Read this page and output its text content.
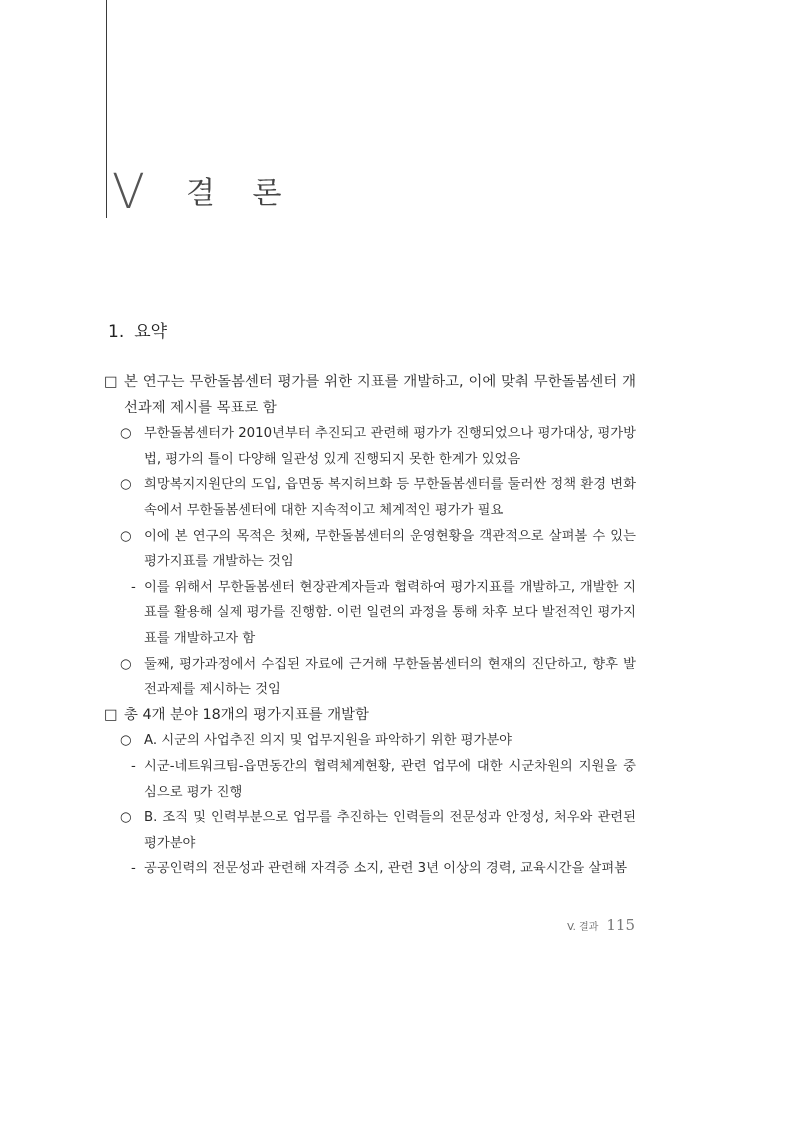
V 결 론
1. 요약
□ 본 연구는 무한돌봄센터 평가를 위한 지표를 개발하고, 이에 맞춰 무한돌봄센터 개선과제 제시를 목표로 함
○ 무한돌봄센터가 2010년부터 추진되고 관련해 평가가 진행되었으나 평가대상, 평가방법, 평가의 틀이 다양해 일관성 있게 진행되지 못한 한계가 있었음
○ 희망복지지원단의 도입, 읍면동 복지허브화 등 무한돌봄센터를 둘러싼 정책 환경 변화 속에서 무한돌봄센터에 대한 지속적이고 체계적인 평가가 필요
○ 이에 본 연구의 목적은 첫째, 무한돌봄센터의 운영현황을 객관적으로 살펴볼 수 있는 평가지표를 개발하는 것임
- 이를 위해서 무한돌봄센터 현장관계자들과 협력하여 평가지표를 개발하고, 개발한 지표를 활용해 실제 평가를 진행함. 이런 일련의 과정을 통해 차후 보다 발전적인 평가지표를 개발하고자 함
○ 둘째, 평가과정에서 수집된 자료에 근거해 무한돌봄센터의 현재의 진단하고, 향후 발전과제를 제시하는 것임
□ 총 4개 분야 18개의 평가지표를 개발함
○ A. 시군의 사업추진 의지 및 업무지원을 파악하기 위한 평가분야
- 시군-네트워크팀-읍면동간의 협력체계현황, 관련 업무에 대한 시군차원의 지원을 중심으로 평가 진행
○ B. 조직 및 인력부분으로 업무를 추진하는 인력들의 전문성과 안정성, 처우와 관련된 평가분야
- 공공인력의 전문성과 관련해 자격증 소지, 관련 3년 이상의 경력, 교육시간을 살펴봄
V. 결과 115
